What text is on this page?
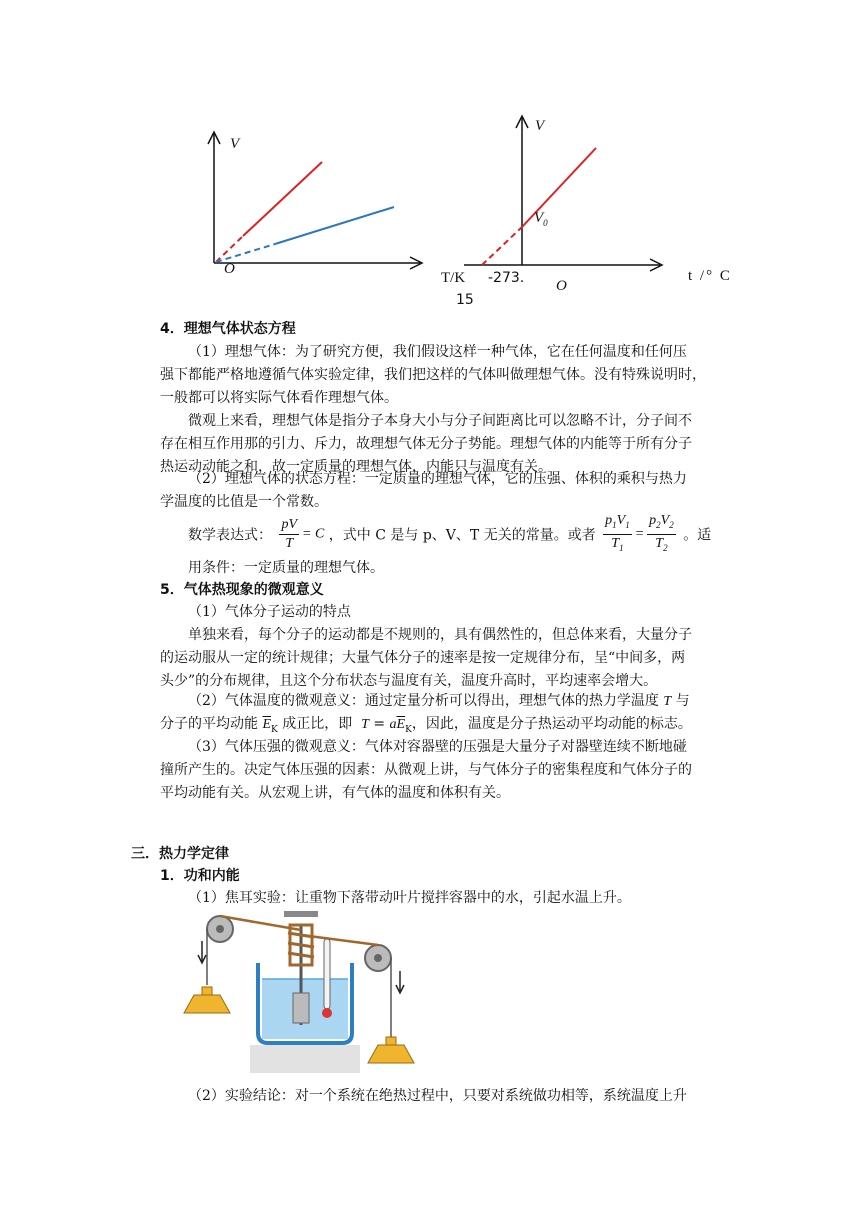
V
O
V
$V_0$
O
t /° C
T/K -273.
15
4．理想气体状态方程
（1）理想气体：为了研究方便，我们假设这样一种气体，它在任何温度和任何压
强下都能严格地遵循气体实验定律，我们把这样的气体叫做理想气体。没有特殊说明时，
一般都可以将实际气体看作理想气体。
微观上来看，理想气体是指分子本身大小与分子间距离比可以忽略不计，分子间不
存在相互作用那的引力、斥力，故理想气体无分子势能。理想气体的内能等于所有分子
热运动动能之和，故一定质量的理想气体，内能只与温度有关。
（2）理想气体的状态方程：一定质量的理想气体，它的压强、体积的乘积与热力
学温度的比值是一个常数。
数学表达式： $\frac{pV}{T} = C$ ，式中 C 是与 p、V、T 无关的常量。或者 $\frac{p_1V_1}{T_1} = \frac{p_2V_2}{T_2}$ 。适
用条件：一定质量的理想气体。
5．气体热现象的微观意义
（1）气体分子运动的特点
单独来看，每个分子的运动都是不规则的，具有偶然性的，但总体来看，大量分子
的运动服从一定的统计规律；大量气体分子的速率是按一定规律分布，呈“中间多，两
头少”的分布规律，且这个分布状态与温度有关，温度升高时，平均速率会增大。
（2）气体温度的微观意义：通过定量分析可以得出，理想气体的热力学温度 T 与
分子的平均动能 $\overline{E}_K$ 成正比，即 $T = a\overline{E}_K$，因此，温度是分子热运动平均动能的标志。
（3）气体压强的微观意义：气体对容器壁的压强是大量分子对器壁连续不断地碰
撞所产生的。决定气体压强的因素：从微观上讲，与气体分子的密集程度和气体分子的
平均动能有关。从宏观上讲，有气体的温度和体积有关。
三．热力学定律
1．功和内能
（1）焦耳实验：让重物下落带动叶片搅拌容器中的水，引起水温上升。
（2）实验结论：对一个系统在绝热过程中，只要对系统做功相等，系统温度上升
